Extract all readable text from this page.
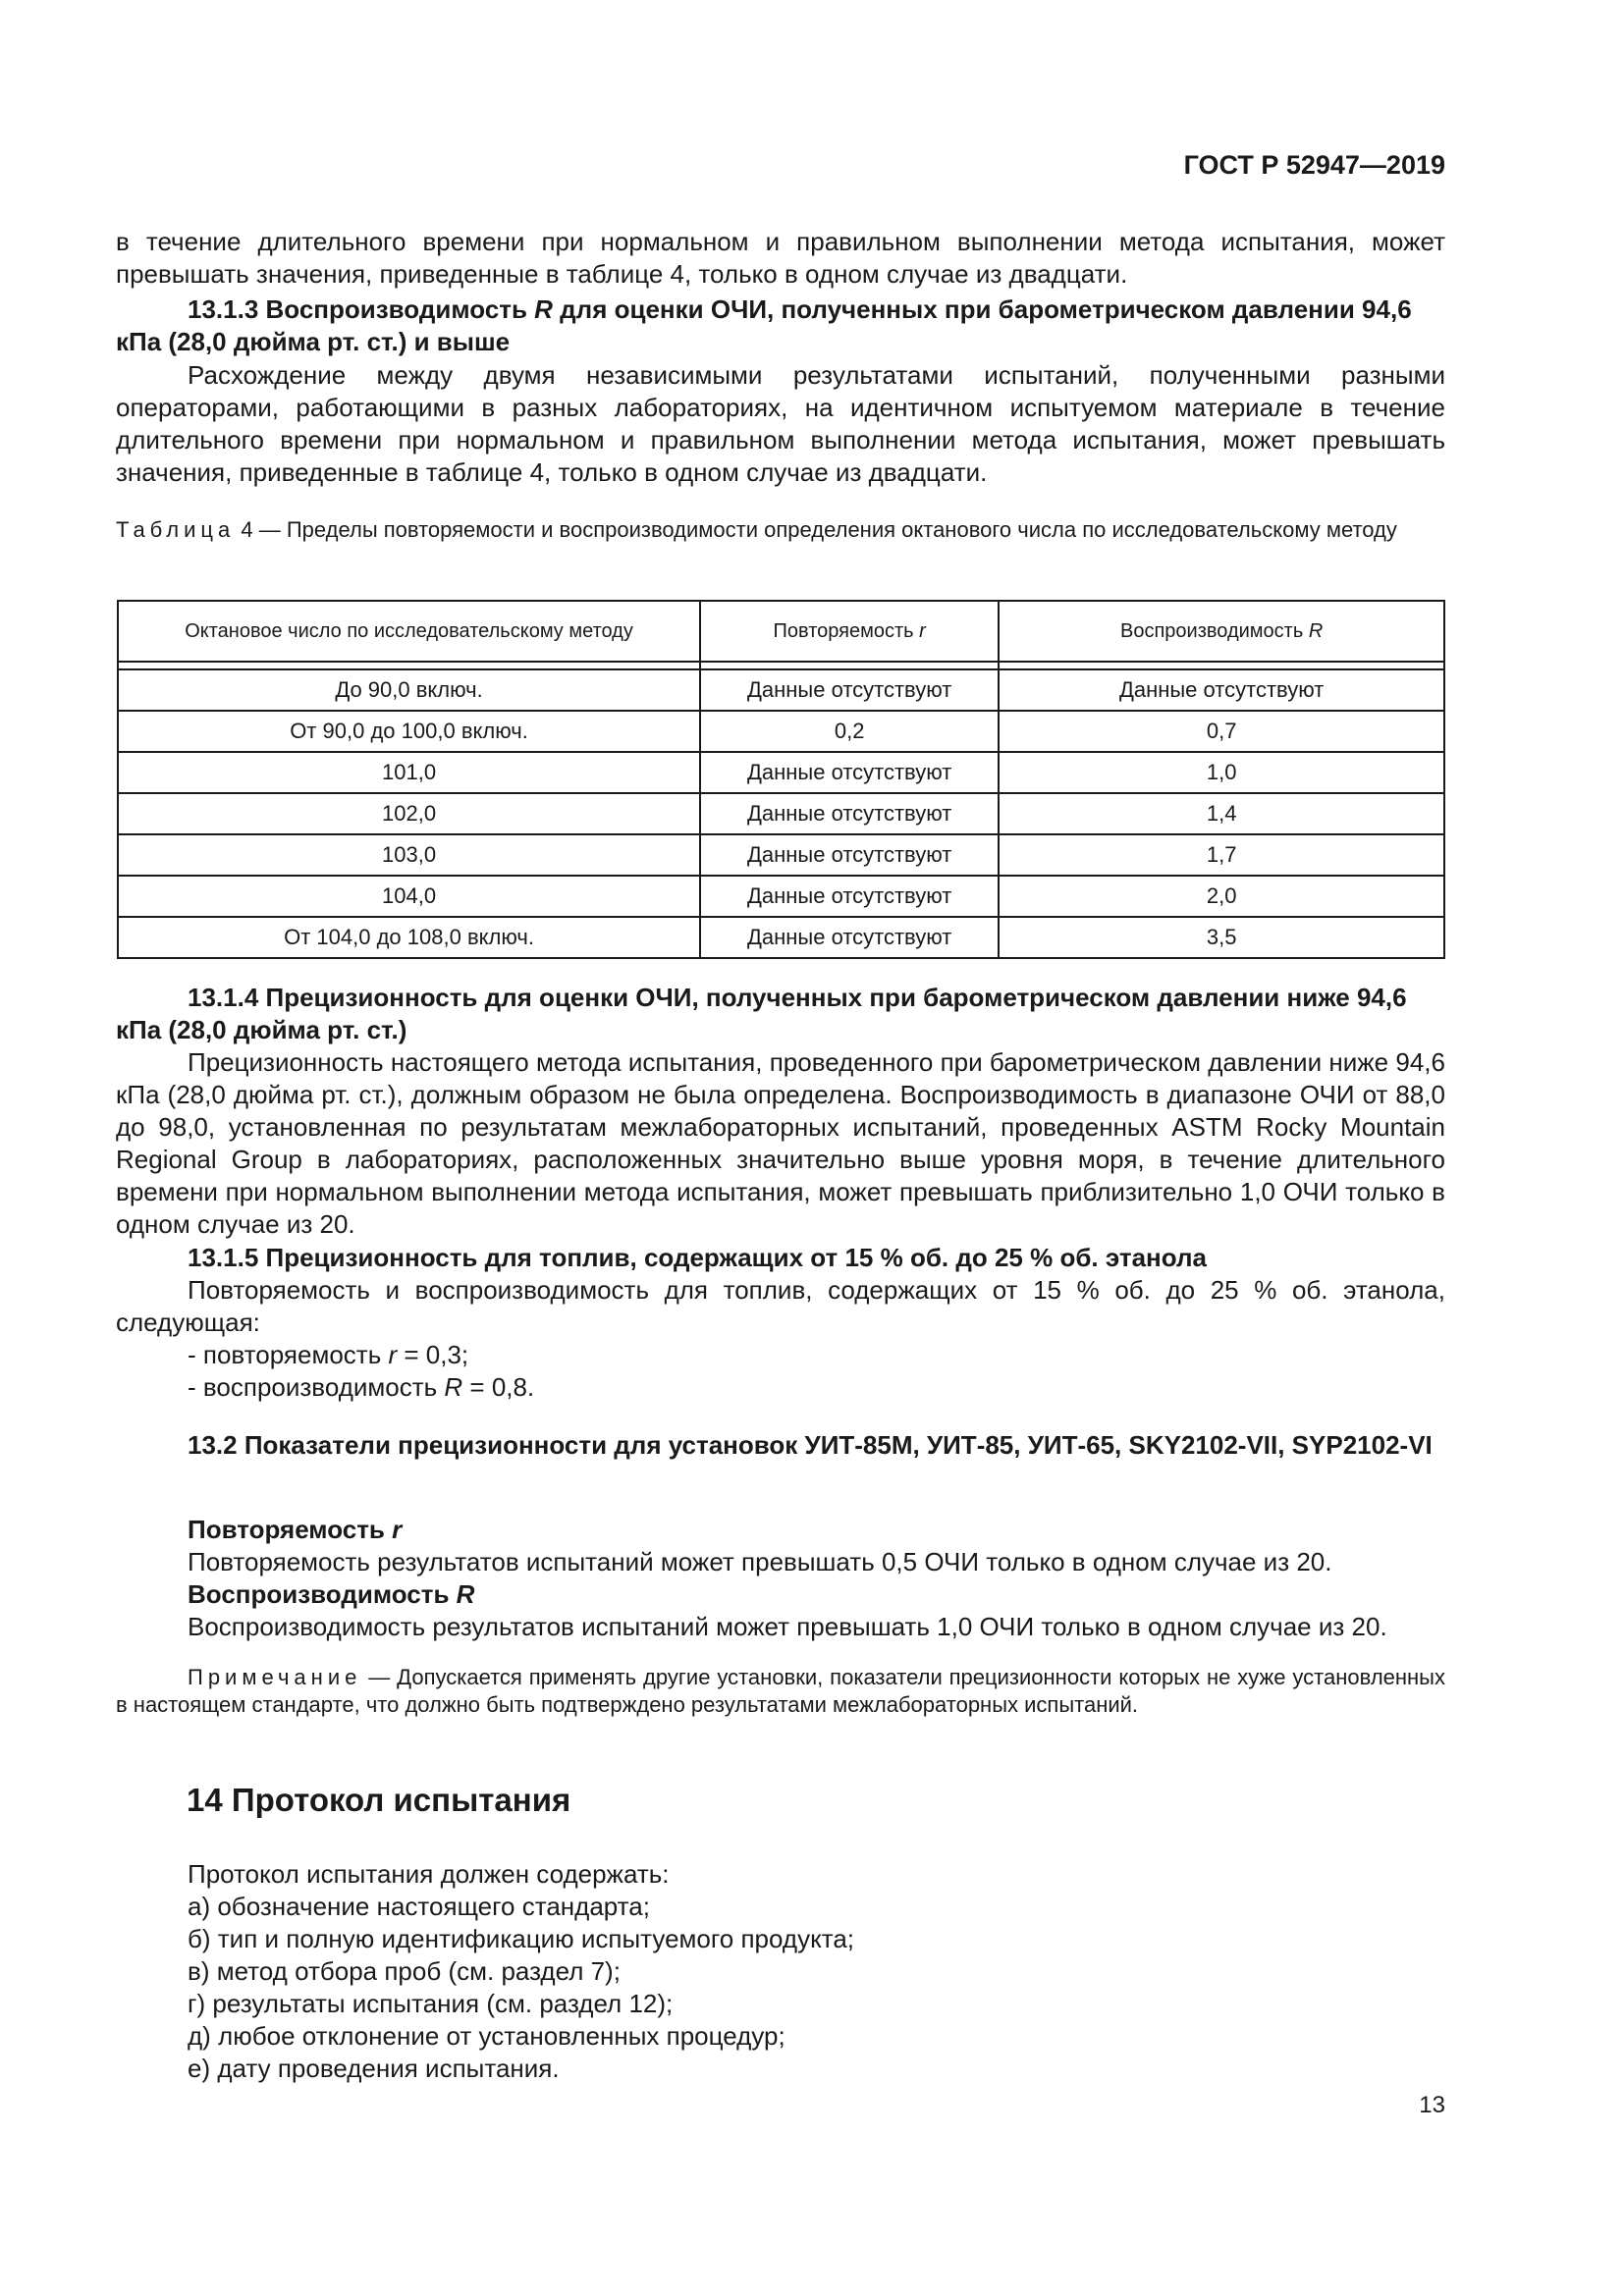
ГОСТ Р 52947—2019

в течение длительного времени при нормальном и правильном выполнении метода испытания, может превышать значения, приведенные в таблице 4, только в одном случае из двадцати.

13.1.3 Воспроизводимость R для оценки ОЧИ, полученных при барометрическом давлении 94,6 кПа (28,0 дюйма рт. ст.) и выше

Расхождение между двумя независимыми результатами испытаний, полученными разными операторами, работающими в разных лабораториях, на идентичном испытуемом материале в течение длительного времени при нормальном и правильном выполнении метода испытания, может превышать значения, приведенные в таблице 4, только в одном случае из двадцати.

Таблица 4 — Пределы повторяемости и воспроизводимости определения октанового числа по исследовательскому методу

Октановое число по исследовательскому методу	Повторяемость r	Воспроизводимость R

До 90,0 включ.	Данные отсутствуют	Данные отсутствуют
От 90,0 до 100,0 включ.	0,2	0,7
101,0	Данные отсутствуют	1,0
102,0	Данные отсутствуют	1,4
103,0	Данные отсутствуют	1,7
104,0	Данные отсутствуют	2,0
От 104,0 до 108,0 включ.	Данные отсутствуют	3,5

13.1.4 Прецизионность для оценки ОЧИ, полученных при барометрическом давлении ниже 94,6 кПа (28,0 дюйма рт. ст.)

Прецизионность настоящего метода испытания, проведенного при барометрическом давлении ниже 94,6 кПа (28,0 дюйма рт. ст.), должным образом не была определена. Воспроизводимость в диапазоне ОЧИ от 88,0 до 98,0, установленная по результатам межлабораторных испытаний, проведенных ASTM Rocky Mountain Regional Group в лабораториях, расположенных значительно выше уровня моря, в течение длительного времени при нормальном выполнении метода испытания, может превышать приблизительно 1,0 ОЧИ только в одном случае из 20.

13.1.5 Прецизионность для топлив, содержащих от 15 % об. до 25 % об. этанола

Повторяемость и воспроизводимость для топлив, содержащих от 15 % об. до 25 % об. этанола, следующая:

- повторяемость r = 0,3;

- воспроизводимость R = 0,8.

13.2 Показатели прецизионности для установок УИТ-85М, УИТ-85, УИТ-65, SKY2102-VII, SYP2102-VI

Повторяемость r

Повторяемость результатов испытаний может превышать 0,5 ОЧИ только в одном случае из 20.

Воспроизводимость R

Воспроизводимость результатов испытаний может превышать 1,0 ОЧИ только в одном случае из 20.

Примечание — Допускается применять другие установки, показатели прецизионности которых не хуже установленных в настоящем стандарте, что должно быть подтверждено результатами межлабораторных испытаний.

14 Протокол испытания

Протокол испытания должен содержать:

а) обозначение настоящего стандарта;

б) тип и полную идентификацию испытуемого продукта;

в) метод отбора проб (см. раздел 7);

г) результаты испытания (см. раздел 12);

д) любое отклонение от установленных процедур;

е) дату проведения испытания.

13
